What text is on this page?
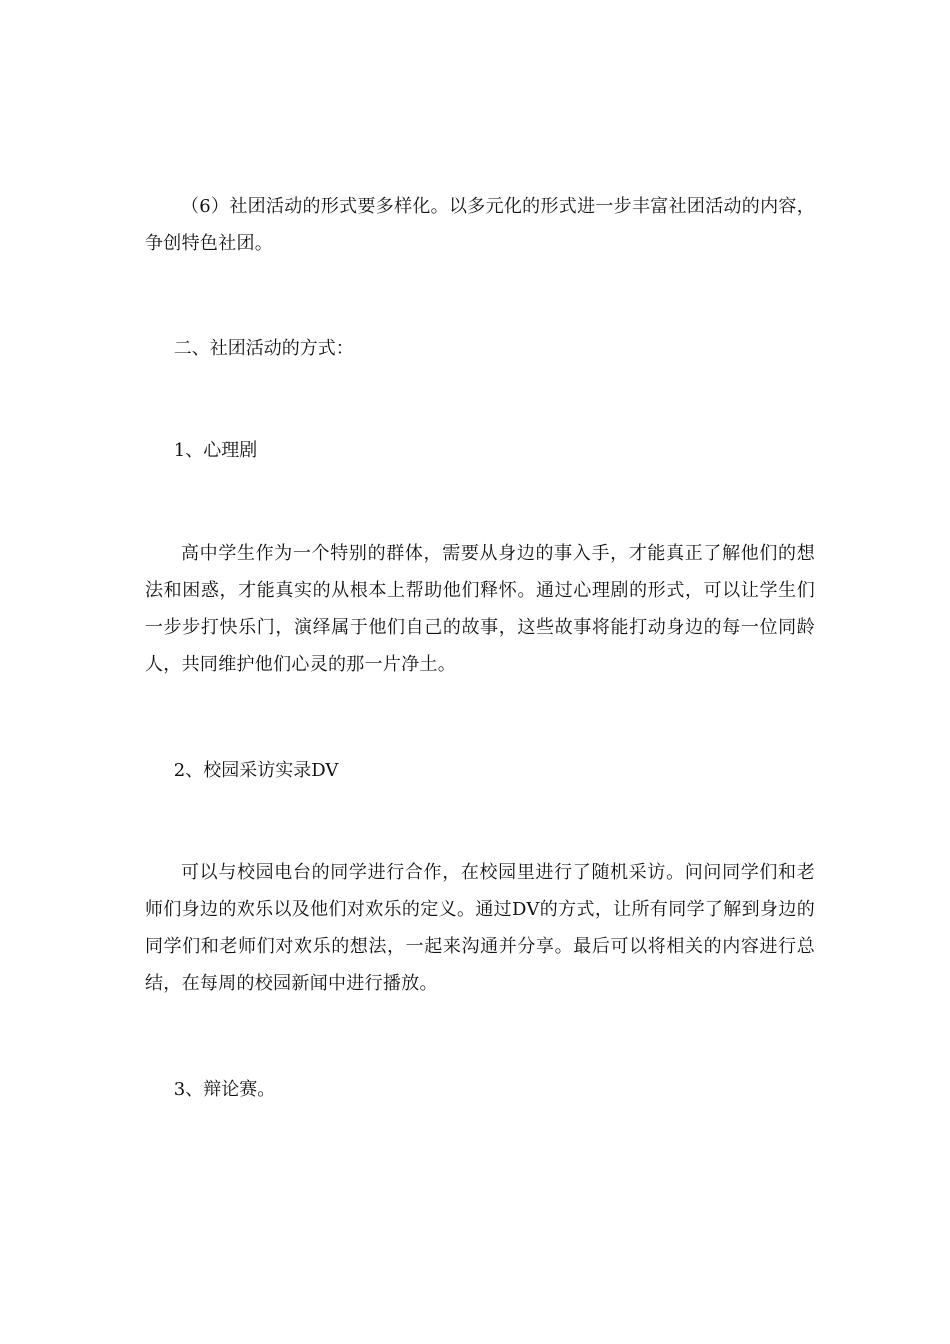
（6）社团活动的形式要多样化。以多元化的形式进一步丰富社团活动的内容，争创特色社团。

二、社团活动的方式：

1、心理剧

高中学生作为一个特别的群体，需要从身边的事入手，才能真正了解他们的想法和困惑，才能真实的从根本上帮助他们释怀。通过心理剧的形式，可以让学生们一步步打快乐门，演绎属于他们自己的故事，这些故事将能打动身边的每一位同龄人，共同维护他们心灵的那一片净土。

2、校园采访实录DV

可以与校园电台的同学进行合作，在校园里进行了随机采访。问问同学们和老师们身边的欢乐以及他们对欢乐的定义。通过DV的方式，让所有同学了解到身边的同学们和老师们对欢乐的想法，一起来沟通并分享。最后可以将相关的内容进行总结，在每周的校园新闻中进行播放。

3、辩论赛。
